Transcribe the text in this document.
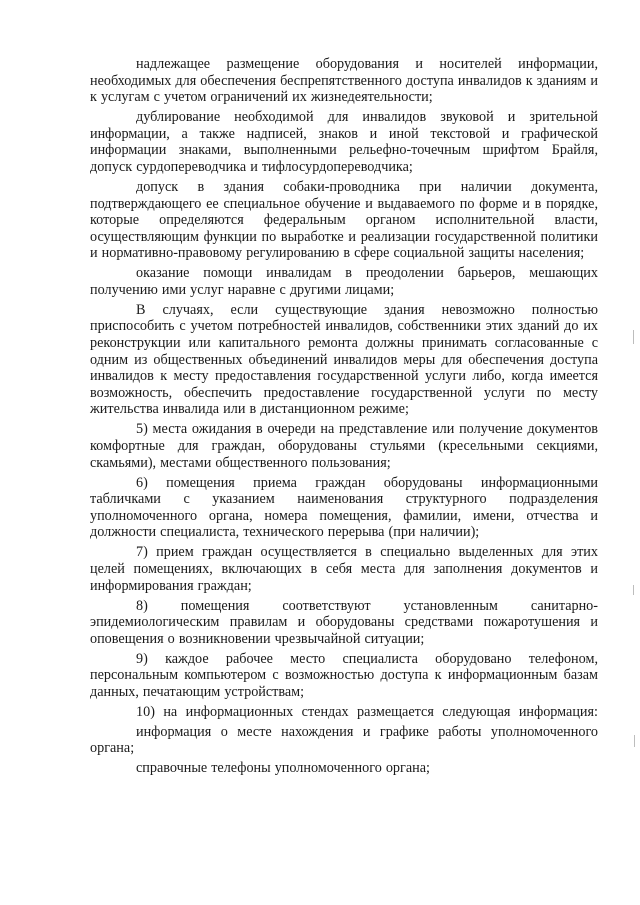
надлежащее размещение оборудования и носителей информации, необходимых для обеспечения беспрепятственного доступа инвалидов к зданиям и к услугам с учетом ограничений их жизнедеятельности;

дублирование необходимой для инвалидов звуковой и зрительной информации, а также надписей, знаков и иной текстовой и графической информации знаками, выполненными рельефно-точечным шрифтом Брайля, допуск сурдопереводчика и тифлосурдопереводчика;

допуск в здания собаки-проводника при наличии документа, подтверждающего ее специальное обучение и выдаваемого по форме и в порядке, которые определяются федеральным органом исполнительной власти, осуществляющим функции по выработке и реализации государственной политики и нормативно-правовому регулированию в сфере социальной защиты населения;

оказание помощи инвалидам в преодолении барьеров, мешающих получению ими услуг наравне с другими лицами;

В случаях, если существующие здания невозможно полностью приспособить с учетом потребностей инвалидов, собственники этих зданий до их реконструкции или капитального ремонта должны принимать согласованные с одним из общественных объединений инвалидов меры для обеспечения доступа инвалидов к месту предоставления государственной услуги либо, когда имеется возможность, обеспечить предоставление государственной услуги по месту жительства инвалида или в дистанционном режиме;

5) места ожидания в очереди на представление или получение документов комфортные для граждан, оборудованы стульями (кресельными секциями, скамьями), местами общественного пользования;

6) помещения приема граждан оборудованы информационными табличками с указанием наименования структурного подразделения уполномоченного органа, номера помещения, фамилии, имени, отчества и должности специалиста, технического перерыва (при наличии);

7) прием граждан осуществляется в специально выделенных для этих целей помещениях, включающих в себя места для заполнения документов и информирования граждан;

8) помещения соответствуют установленным санитарно-эпидемиологическим правилам и оборудованы средствами пожаротушения и оповещения о возникновении чрезвычайной ситуации;

9) каждое рабочее место специалиста оборудовано телефоном, персональным компьютером с возможностью доступа к информационным базам данных, печатающим устройствам;

10) на информационных стендах размещается следующая информация:

информация о месте нахождения и графике работы уполномоченного органа;

справочные телефоны уполномоченного органа;
